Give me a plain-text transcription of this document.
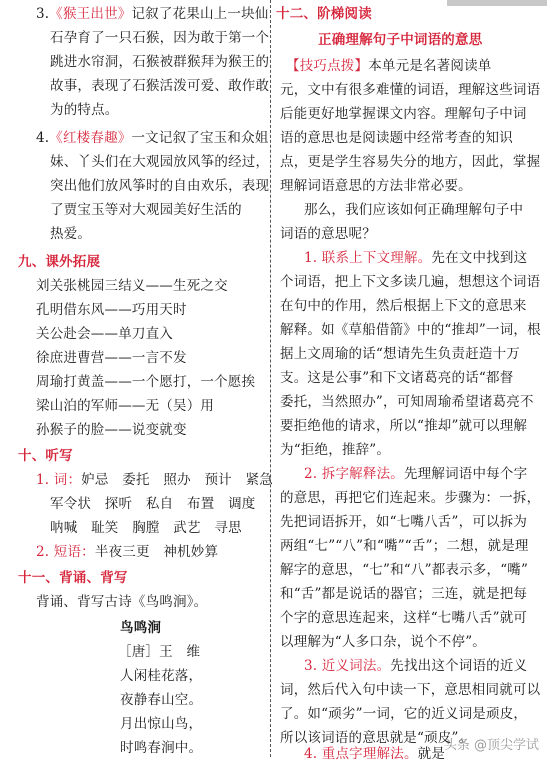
3.《猴王出世》记叙了花果山上一块仙
石孕育了一只石猴，因为敢于第一个
跳进水帘洞，石猴被群猴拜为猴王的
故事，表现了石猴活泼可爱、敢作敢
为的特点。
4.《红楼春趣》一文记叙了宝玉和众姐
妹、丫头们在大观园放风筝的经过，
突出他们放风筝时的自由欢乐，表现
了贾宝玉等对大观园美好生活的
热爱。
九、课外拓展
刘关张桃园三结义——生死之交
孔明借东风——巧用天时
关公赴会——单刀直入
徐庶进曹营——一言不发
周瑜打黄盖——一个愿打，一个愿挨
梁山泊的军师——无（吴）用
孙猴子的脸——说变就变
十、听写
1. 词：妒忌　委托　照办　预计　紧急
军令状　探听　私自　布置　调度
呐喊　耻笑　胸膛　武艺　寻思
2. 短语：半夜三更　神机妙算
十一、背诵、背写
背诵、背写古诗《鸟鸣涧》。
鸟鸣涧
［唐］王　维
人闲桂花落，
夜静春山空。
月出惊山鸟，
时鸣春涧中。
十二、阶梯阅读
正确理解句子中词语的意思
【技巧点拨】本单元是名著阅读单
元，文中有很多难懂的词语，理解这些词语
后能更好地掌握课文内容。理解句子中词
语的意思也是阅读题中经常考查的知识
点，更是学生容易失分的地方，因此，掌握
理解词语意思的方法非常必要。
那么，我们应该如何正确理解句子中
词语的意思呢？
1. 联系上下文理解。先在文中找到这
个词语，把上下文多读几遍，想想这个词语
在句中的作用，然后根据上下文的意思来
解释。如《草船借箭》中的“推却”一词，根
据上文周瑜的话“想请先生负责赶造十万
支。这是公事”和下文诸葛亮的话“都督
委托，当然照办”，可知周瑜希望诸葛亮不
要拒绝他的请求，所以“推却”就可以理解
为“拒绝，推辞”。
2. 拆字解释法。先理解词语中每个字
的意思，再把它们连起来。步骤为：一拆，
先把词语拆开，如“七嘴八舌”，可以拆为
两组“七”“八”和“嘴”“舌”；二想，就是理
解字的意思，“七”和“八”都表示多，“嘴”
和“舌”都是说话的器官；三连，就是把每
个字的意思连起来，这样“七嘴八舌”就可
以理解为“人多口杂，说个不停”。
3. 近义词法。先找出这个词语的近义
词，然后代入句中读一下，意思相同就可以
了。如“顽劣”一词，它的近义词是顽皮，
所以该词语的意思就是“顽皮”。
4. 重点字理解法。就是
头条 @顶尖学试
